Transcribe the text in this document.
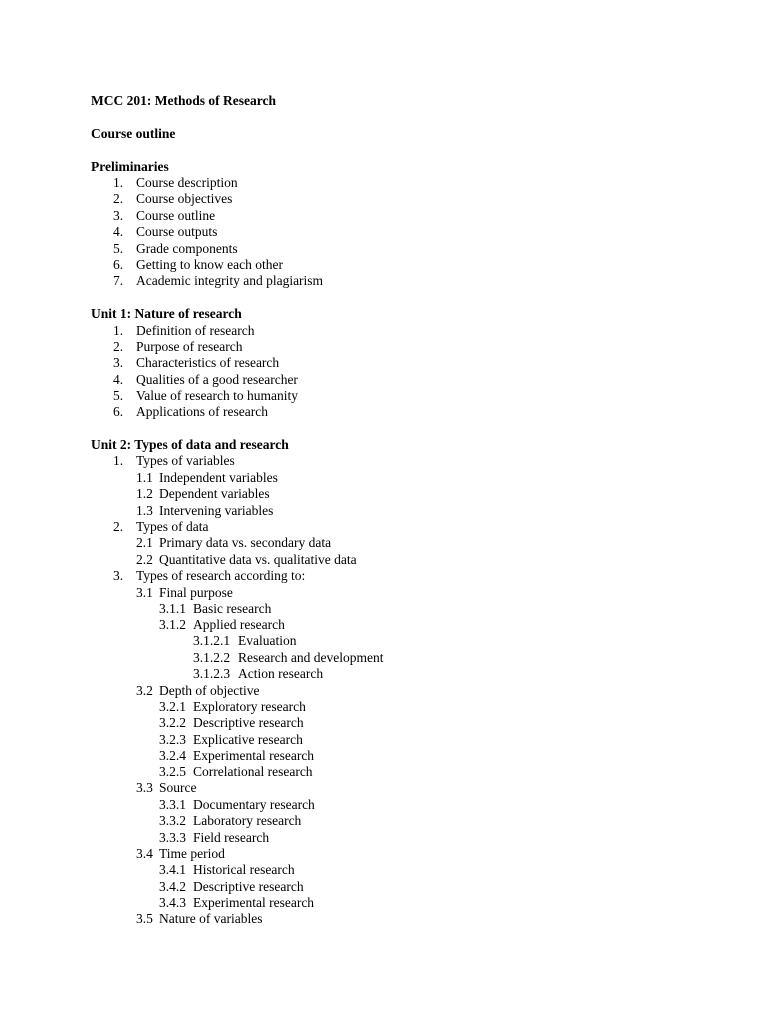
MCC 201: Methods of Research
Course outline
Preliminaries
1. Course description
2. Course objectives
3. Course outline
4. Course outputs
5. Grade components
6. Getting to know each other
7. Academic integrity and plagiarism
Unit 1: Nature of research
1. Definition of research
2. Purpose of research
3. Characteristics of research
4. Qualities of a good researcher
5. Value of research to humanity
6. Applications of research
Unit 2: Types of data and research
1. Types of variables
1.1 Independent variables
1.2 Dependent variables
1.3 Intervening variables
2. Types of data
2.1 Primary data vs. secondary data
2.2 Quantitative data vs. qualitative data
3. Types of research according to:
3.1 Final purpose
3.1.1 Basic research
3.1.2 Applied research
3.1.2.1 Evaluation
3.1.2.2 Research and development
3.1.2.3 Action research
3.2 Depth of objective
3.2.1 Exploratory research
3.2.2 Descriptive research
3.2.3 Explicative research
3.2.4 Experimental research
3.2.5 Correlational research
3.3 Source
3.3.1 Documentary research
3.3.2 Laboratory research
3.3.3 Field research
3.4 Time period
3.4.1 Historical research
3.4.2 Descriptive research
3.4.3 Experimental research
3.5 Nature of variables
